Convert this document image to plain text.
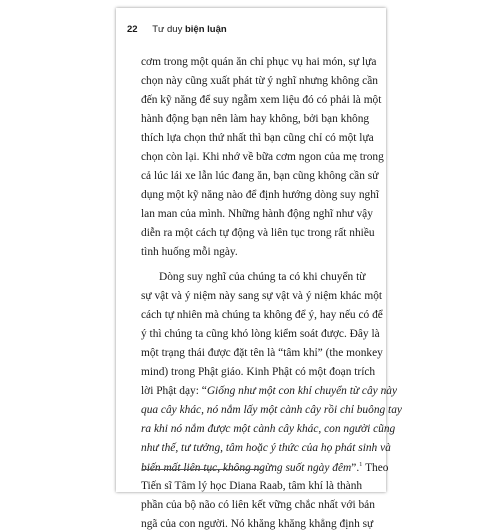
22 Tư duy biện luận
cơm trong một quán ăn chỉ phục vụ hai món, sự lựa
chọn này cũng xuất phát từ ý nghĩ nhưng không cần
đến kỹ năng để suy ngẫm xem liệu đó có phải là một
hành động bạn nên làm hay không, bởi bạn không
thích lựa chọn thứ nhất thì bạn cũng chỉ có một lựa
chọn còn lại. Khi nhớ về bữa cơm ngon của mẹ trong
cả lúc lái xe lẫn lúc đang ăn, bạn cũng không cần sử
dụng một kỹ năng nào để định hướng dòng suy nghĩ
lan man của mình. Những hành động nghĩ như vậy
diễn ra một cách tự động và liên tục trong rất nhiều
tình huống mỗi ngày.
Dòng suy nghĩ của chúng ta có khi chuyển từ
sự vật và ý niệm này sang sự vật và ý niệm khác một
cách tự nhiên mà chúng ta không để ý, hay nếu có để
ý thì chúng ta cũng khó lòng kiểm soát được. Đây là
một trạng thái được đặt tên là “tâm khỉ” (the monkey
mind) trong Phật giáo. Kinh Phật có một đoạn trích
lời Phật dạy: “Giống như một con khỉ chuyển từ cây này
qua cây khác, nó nắm lấy một cành cây rồi chỉ buông tay
ra khi nó nắm được một cành cây khác, con người cũng
như thế, tư tưởng, tâm hoặc ý thức của họ phát sinh và
biến mất liên tục, không ngừng suốt ngày đêm”.$^1$ Theo
Tiến sĩ Tâm lý học Diana Raab, tâm khí là thành
phần của bộ não có liên kết vững chắc nhất với bản
ngã của con người. Nó khăng khăng khẳng định sự
